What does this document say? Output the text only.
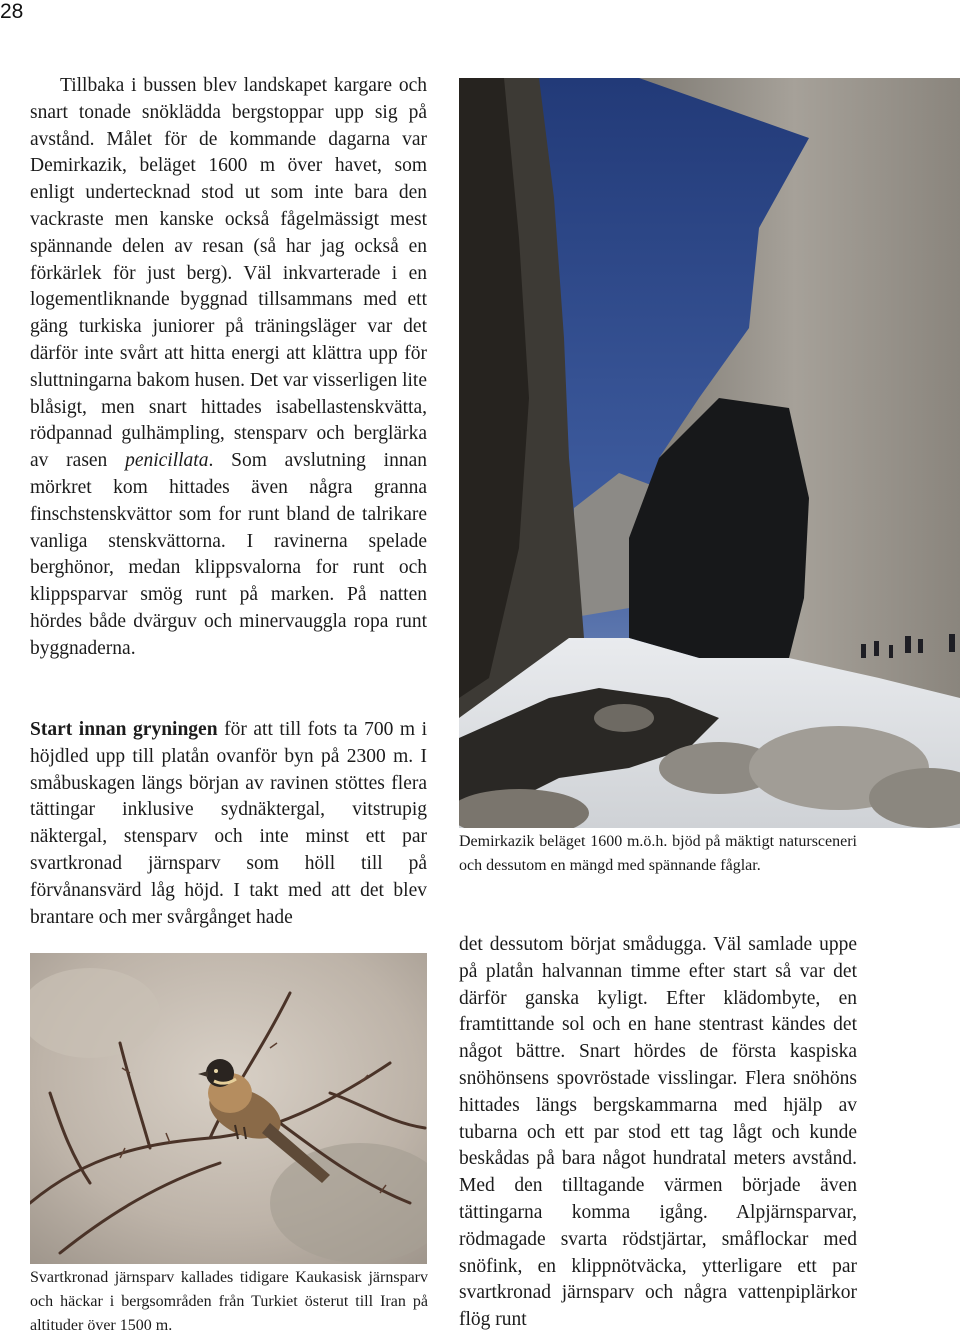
28

Tillbaka i bussen blev landskapet kargare och snart tonade snöklädda bergstoppar upp sig på avstånd. Målet för de kommande dagarna var Demirkazik, beläget 1600 m över havet, som enligt undertecknad stod ut som inte bara den vackraste men kanske också fågelmässigt mest spännande delen av resan (så har jag också en förkärlek för just berg). Väl inkvarterade i en logementliknande byggnad tillsammans med ett gäng turkiska juniorer på träningsläger var det därför inte svårt att hitta energi att klättra upp för sluttningarna bakom husen. Det var visserligen lite blåsigt, men snart hittades isabellastenskvätta, rödpannad gulhämpling, stensparv och berglärka av rasen penicillata. Som avslutning innan mörkret kom hittades även några granna finschstenskvättor som for runt bland de talrikare vanliga stenskvättorna. I ravinerna spelade berghönor, medan klippsvalorna for runt och klippsparvar smög runt på marken. På natten hördes både dvärguv och minervauggla ropa runt byggnaderna.

Start innan gryningen för att till fots ta 700 m i höjdled upp till platån ovanför byn på 2300 m. I småbuskagen längs början av ravinen stöttes flera tättingar inklusive sydnäktergal, vitstrupig näktergal, stensparv och inte minst ett par svartkronad järnsparv som höll till på förvånansvärd låg höjd. I takt med att det blev brantare och mer svårgånget hade

Demirkazik beläget 1600 m.ö.h. bjöd på mäktigt natursceneri och dessutom en mängd med spännande fåglar.

det dessutom börjat smådugga. Väl samlade uppe på platån halvannan timme efter start så var det därför ganska kyligt. Efter klädombyte, en framtittande sol och en hane stentrast kändes det något bättre. Snart hördes de första kaspiska snöhönsens spovröstade visslingar. Flera snöhöns hittades längs bergskammarna med hjälp av tubarna och ett par stod ett tag lågt och kunde beskådas på bara något hundratal meters avstånd. Med den tilltagande värmen började även tättingarna komma igång. Alpjärnsparvar, rödmagade svarta rödstjärtar, småflockar med snöfink, en klippnötväcka, ytterligare ett par svartkronad järnsparv och några vattenpiplärkor flög runt

Svartkronad järnsparv kallades tidigare Kaukasisk järnsparv och häckar i bergsområden från Turkiet österut till Iran på altituder över 1500 m.
